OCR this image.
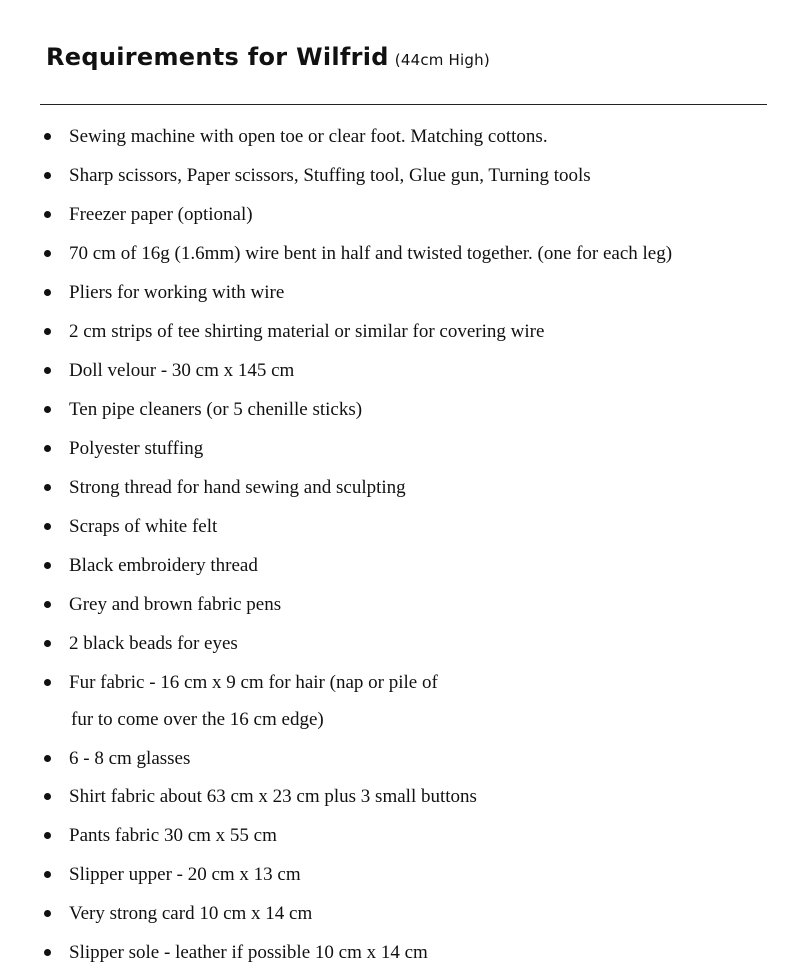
Requirements for Wilfrid (44cm High)
Sewing machine with open toe or clear foot. Matching cottons.
Sharp scissors, Paper scissors, Stuffing tool, Glue gun, Turning tools
Freezer paper (optional)
70 cm of 16g (1.6mm) wire bent in half and twisted together. (one for each leg)
Pliers for working with wire
2 cm strips of tee shirting material or similar for covering wire
Doll velour - 30 cm x 145 cm
Ten pipe cleaners (or 5 chenille sticks)
Polyester stuffing
Strong thread for hand sewing and sculpting
Scraps of white felt
Black embroidery thread
Grey and brown fabric pens
2 black beads for eyes
Fur fabric - 16 cm x 9 cm for hair (nap or pile of
fur to come over the 16 cm edge)
6 - 8 cm glasses
Shirt fabric about 63 cm x 23 cm plus 3 small buttons
Pants fabric 30 cm x 55 cm
Slipper upper - 20 cm x 13 cm
Very strong card 10 cm x 14 cm
Slipper sole - leather if possible 10 cm x 14 cm
